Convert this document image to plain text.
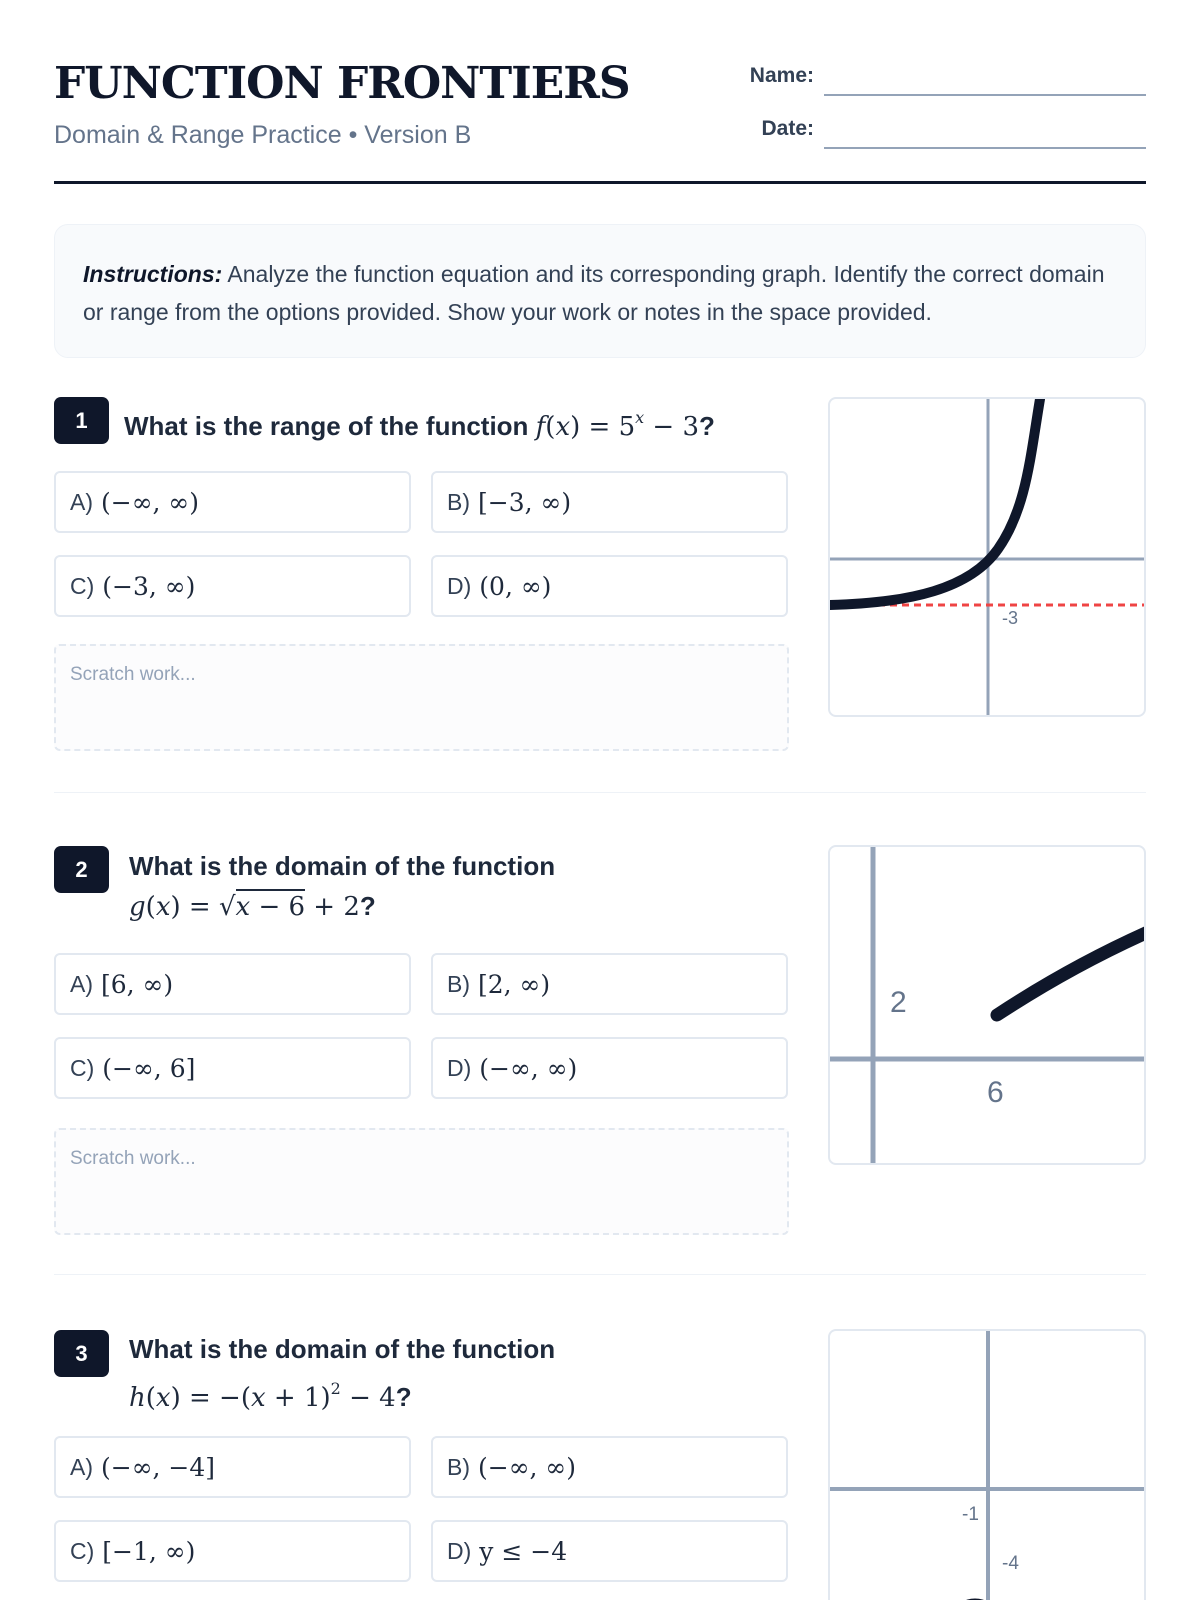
FUNCTION FRONTIERS
Domain & Range Practice • Version B
Name:
Date:
Instructions: Analyze the function equation and its corresponding graph. Identify the correct domain or range from the options provided. Show your work or notes in the space provided.
1	What is the range of the function $f(x) = 5^x - 3$?
A) (−∞, ∞)	B) [−3, ∞)
C) (−3, ∞)	D) (0, ∞)
Scratch work...
-3
2	What is the domain of the function
g(x) = √x − 6 + 2?
A) [6, ∞)	B) [2, ∞)
C) (−∞, 6]	D) (−∞, ∞)
Scratch work...
2
6
3	What is the domain of the function
$h(x) = -(x + 1)^2 - 4$?
A) (−∞, −4]	B) (−∞, ∞)
C) [−1, ∞)	D) y ≤ −4
-1
-4
